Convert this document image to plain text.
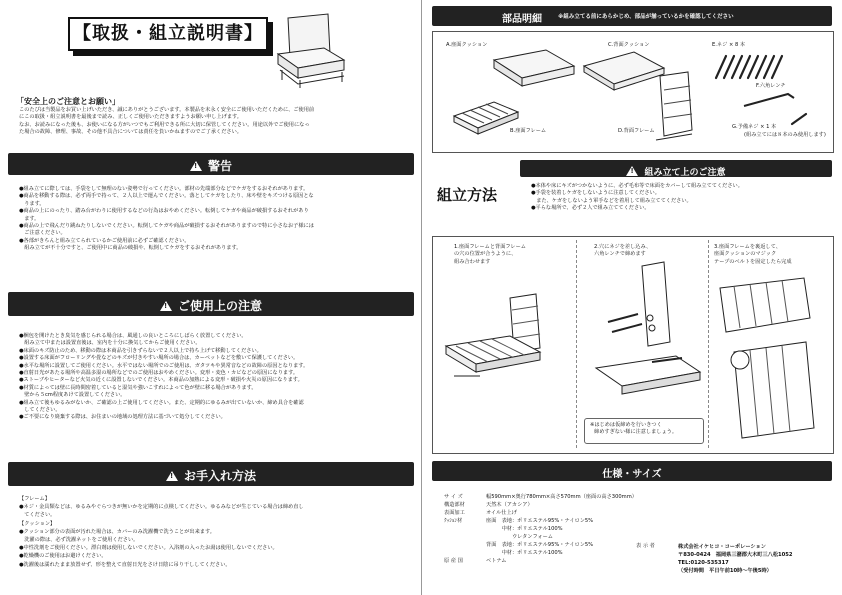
【取扱・組立説明書】
「安全上のご注意とお願い」

このたびは当製品をお買い上げいただき、誠にありがとうございます。本製品を末永く安全にご使用いただくために、ご使用前

にこの取扱・組立説明書を最後まで読み、正しくご使用いただきますようお願い申し上げます。

なお、お読みになった後も、お使いになる方がいつでもご利用できる所に大切に保管してください。用途以外でご使用になっ

た場合の故障、修理、事故、その他不具合については責任を負いかねますのでご了承ください。

!警告

●組み立てに際しては、手袋をして無理のない姿勢で行ってください。部材の先端部分などでケガをするおそれがあります。

●商品を移動する際は、必ず両手で持って、２人以上で運んでください。落としてケガをしたり、床や壁をキズつける原因とな

　ります。

●商品の上にのったり、踏み台がわりに使用するなどの行為はおやめください。転倒してケガや商品が破損するおそれがあり

　ます。

●商品の上で飛んだり跳ねたりしないでください。転倒してケガや商品が破損するおそれがありますので特に小さなお子様には

　ご注意ください。

●各部がきちんと組み立てられているかご使用前に必ずご確認ください。

　組み立てが不十分ですと、ご使用中に商品の破損や、転倒してケガをするおそれがあります。

!ご使用上の注意

●梱包を開けたとき臭気を感じられる場合は、風通しの良いところにしばらく放置してください。

　組み立て中または設置直後は、室内を十分に換気してからご使用ください。

●床面のキズ防止のため、移動の際は本商品を引きずらないで２人以上で持ち上げて移動してください。

●設置する床面がフローリングや畳などのキズが付きやすい場所の場合は、カーペットなどを敷いて保護してください。

●水平な場所に設置してご使用ください。水平ではない場所でのご使用は、ガタツキや異常音などの故障の原因となります。

●直射日光があたる場所や高温多湿の場所などでのご使用はおやめください。変形・変色・カビなどの原因になります。

●ストーブやヒーターなど火気の近くに設置しないでください。本商品の加熱による変形・破損や火災の原因になります。

●材質によっては壁に長時間密着していると湿気や強いこすれによって色が壁に移る場合があります。

　壁から５cm程度あけて設置してください。

●組み立て後もゆるみがないか、ご確認の上ご使用してください。また、定期的にゆるみが出ていないか、締め具合を確認

　してください。

●ご不要になり廃棄する際は、お住まいの地域の処理方法に基づいて処分してください。

!お手入れ方法

【フレーム】

●ネジ・金具類などは、ゆるみやぐらつきが無いかを定期的に点検してください。ゆるみなどが生じている場合は締め直し

　てください。

【クッション】

●クッション部分の表面が汚れた場合は、カバーのみ洗濯機で洗うことが出来ます。

　洗濯の際は、必ず洗濯ネットをご使用ください。

●中性洗剤をご使用ください。漂白剤は使用しないでください。入浴剤の入ったお湯は使用しないでください。

●乾燥機のご使用はお避けください。

●洗濯後は濡れたまま放置せず、形を整えて直射日光をさけ日陰に吊り干ししてください。

部品明細	※組み立てる前にあらかじめ、部品が揃っているかを確認してください
A.座面クッション	C.背面クッション	E.ネジ × 8 本
F.六角レンチ
B.座面フレーム	D.背面フレーム
G.予備ネジ × 1 本
(組み立てには８本のみ使用します)
組立方法
!組み立て上のご注意

●本体や床にキズがつかないように、必ず毛布等で床面をカバーして組み立ててください。

●手袋を装着しケガをしないように注意してください。

　また、ケガをしないよう軍手などを着用して組み立ててください。

●平らな場所で、必ず２人で組み立ててください。

1.座面フレームと背面フレーム

の穴の位置が合うように、

組み合わせます

2.穴にネジを差し込み、

六角レンチで締めます

※はじめは仮締めを行いきつく

締めすぎない様に注意しましょう。

3.座面フレームを裏返して、

座面クッションのマジック

テープのベルトを固定したら完成

仕様・サイズ
サ イ ズ	幅590mm×奥行780mm×高さ570mm（座面の高さ300mm）
構造部材	天然木（アカシア）
表面加工	オイル仕上げ
ｸｯｼｮﾝ材	座面　表地：ポリエステル95%・ナイロン5%
　　　中材：ポリエステル100%
　　　　　ウレタンフォーム
背面　表地：ポリエステル95%・ナイロン5%
　　　中材：ポリエステル100%
原 産 国	ベトナム
表 示 者	株式会社イケヒコ・コーポレーション

〒830-0424　福岡県三潴郡大木町三八松1052

TEL:0120-535317

（受付時間　平日午前10時〜午後5時）
